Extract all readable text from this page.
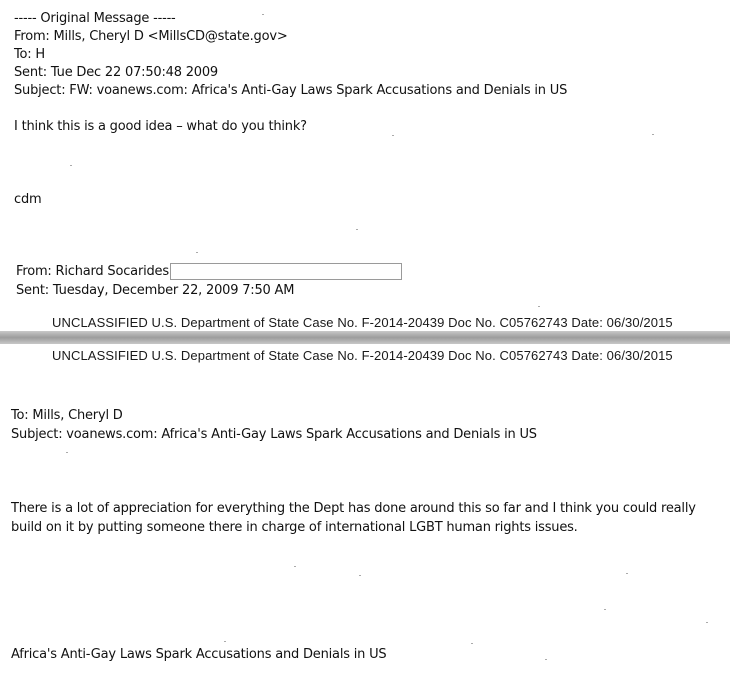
----- Original Message -----
From: Mills, Cheryl D <MillsCD@state.gov>
To: H
Sent: Tue Dec 22 07:50:48 2009
Subject: FW: voanews.com: Africa's Anti-Gay Laws Spark Accusations and Denials in US
I think this is a good idea – what do you think?
cdm
From: Richard Socarides
Sent: Tuesday, December 22, 2009 7:50 AM
UNCLASSIFIED U.S. Department of State Case No. F-2014-20439 Doc No. C05762743 Date: 06/30/2015
UNCLASSIFIED U.S. Department of State Case No. F-2014-20439 Doc No. C05762743 Date: 06/30/2015
To: Mills, Cheryl D
Subject: voanews.com: Africa's Anti-Gay Laws Spark Accusations and Denials in US
There is a lot of appreciation for everything the Dept has done around this so far and I think you could really build on it by putting someone there in charge of international LGBT human rights issues.
Africa's Anti-Gay Laws Spark Accusations and Denials in US
